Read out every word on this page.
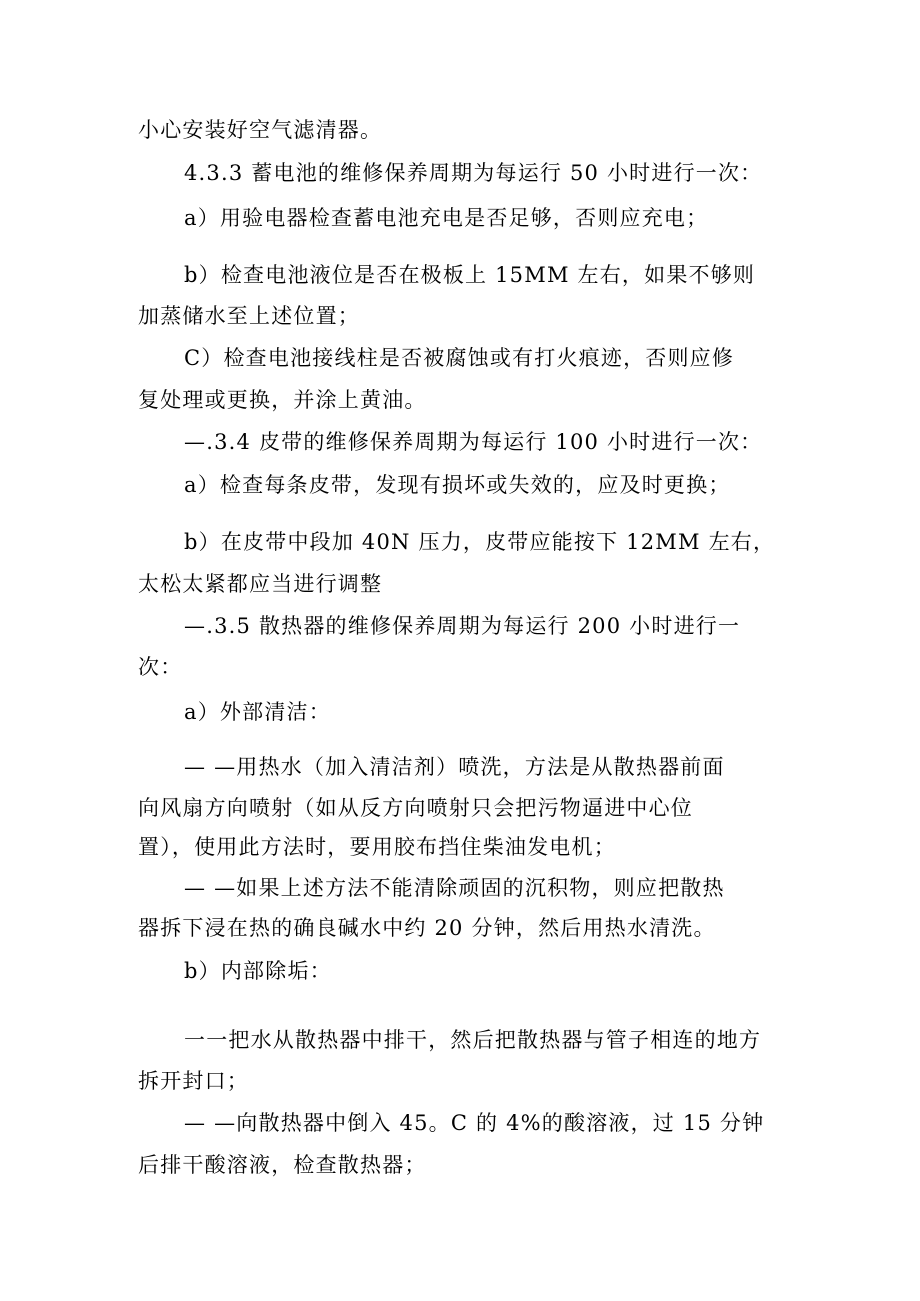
小心安装好空气滤清器。
4.3.3 蓄电池的维修保养周期为每运行 50 小时进行一次：
a）用验电器检查蓄电池充电是否足够，否则应充电；
b）检查电池液位是否在极板上 15MM 左右，如果不够则
加蒸储水至上述位置；
C）检查电池接线柱是否被腐蚀或有打火痕迹，否则应修
复处理或更换，并涂上黄油。
—.3.4 皮带的维修保养周期为每运行 100 小时进行一次：
a）检查每条皮带，发现有损坏或失效的，应及时更换；
b）在皮带中段加 40N 压力，皮带应能按下 12MM 左右，
太松太紧都应当进行调整
—.3.5 散热器的维修保养周期为每运行 200 小时进行一
次：
a）外部清洁：
— —用热水（加入清洁剂）喷洗，方法是从散热器前面
向风扇方向喷射（如从反方向喷射只会把污物逼进中心位
置），使用此方法时，要用胶布挡住柴油发电机；
— —如果上述方法不能清除顽固的沉积物，则应把散热
器拆下浸在热的确良碱水中约 20 分钟，然后用热水清洗。
b）内部除垢：
一一把水从散热器中排干，然后把散热器与管子相连的地方
拆开封口；
— —向散热器中倒入 45。C 的 4%的酸溶液，过 15 分钟
后排干酸溶液，检查散热器；
